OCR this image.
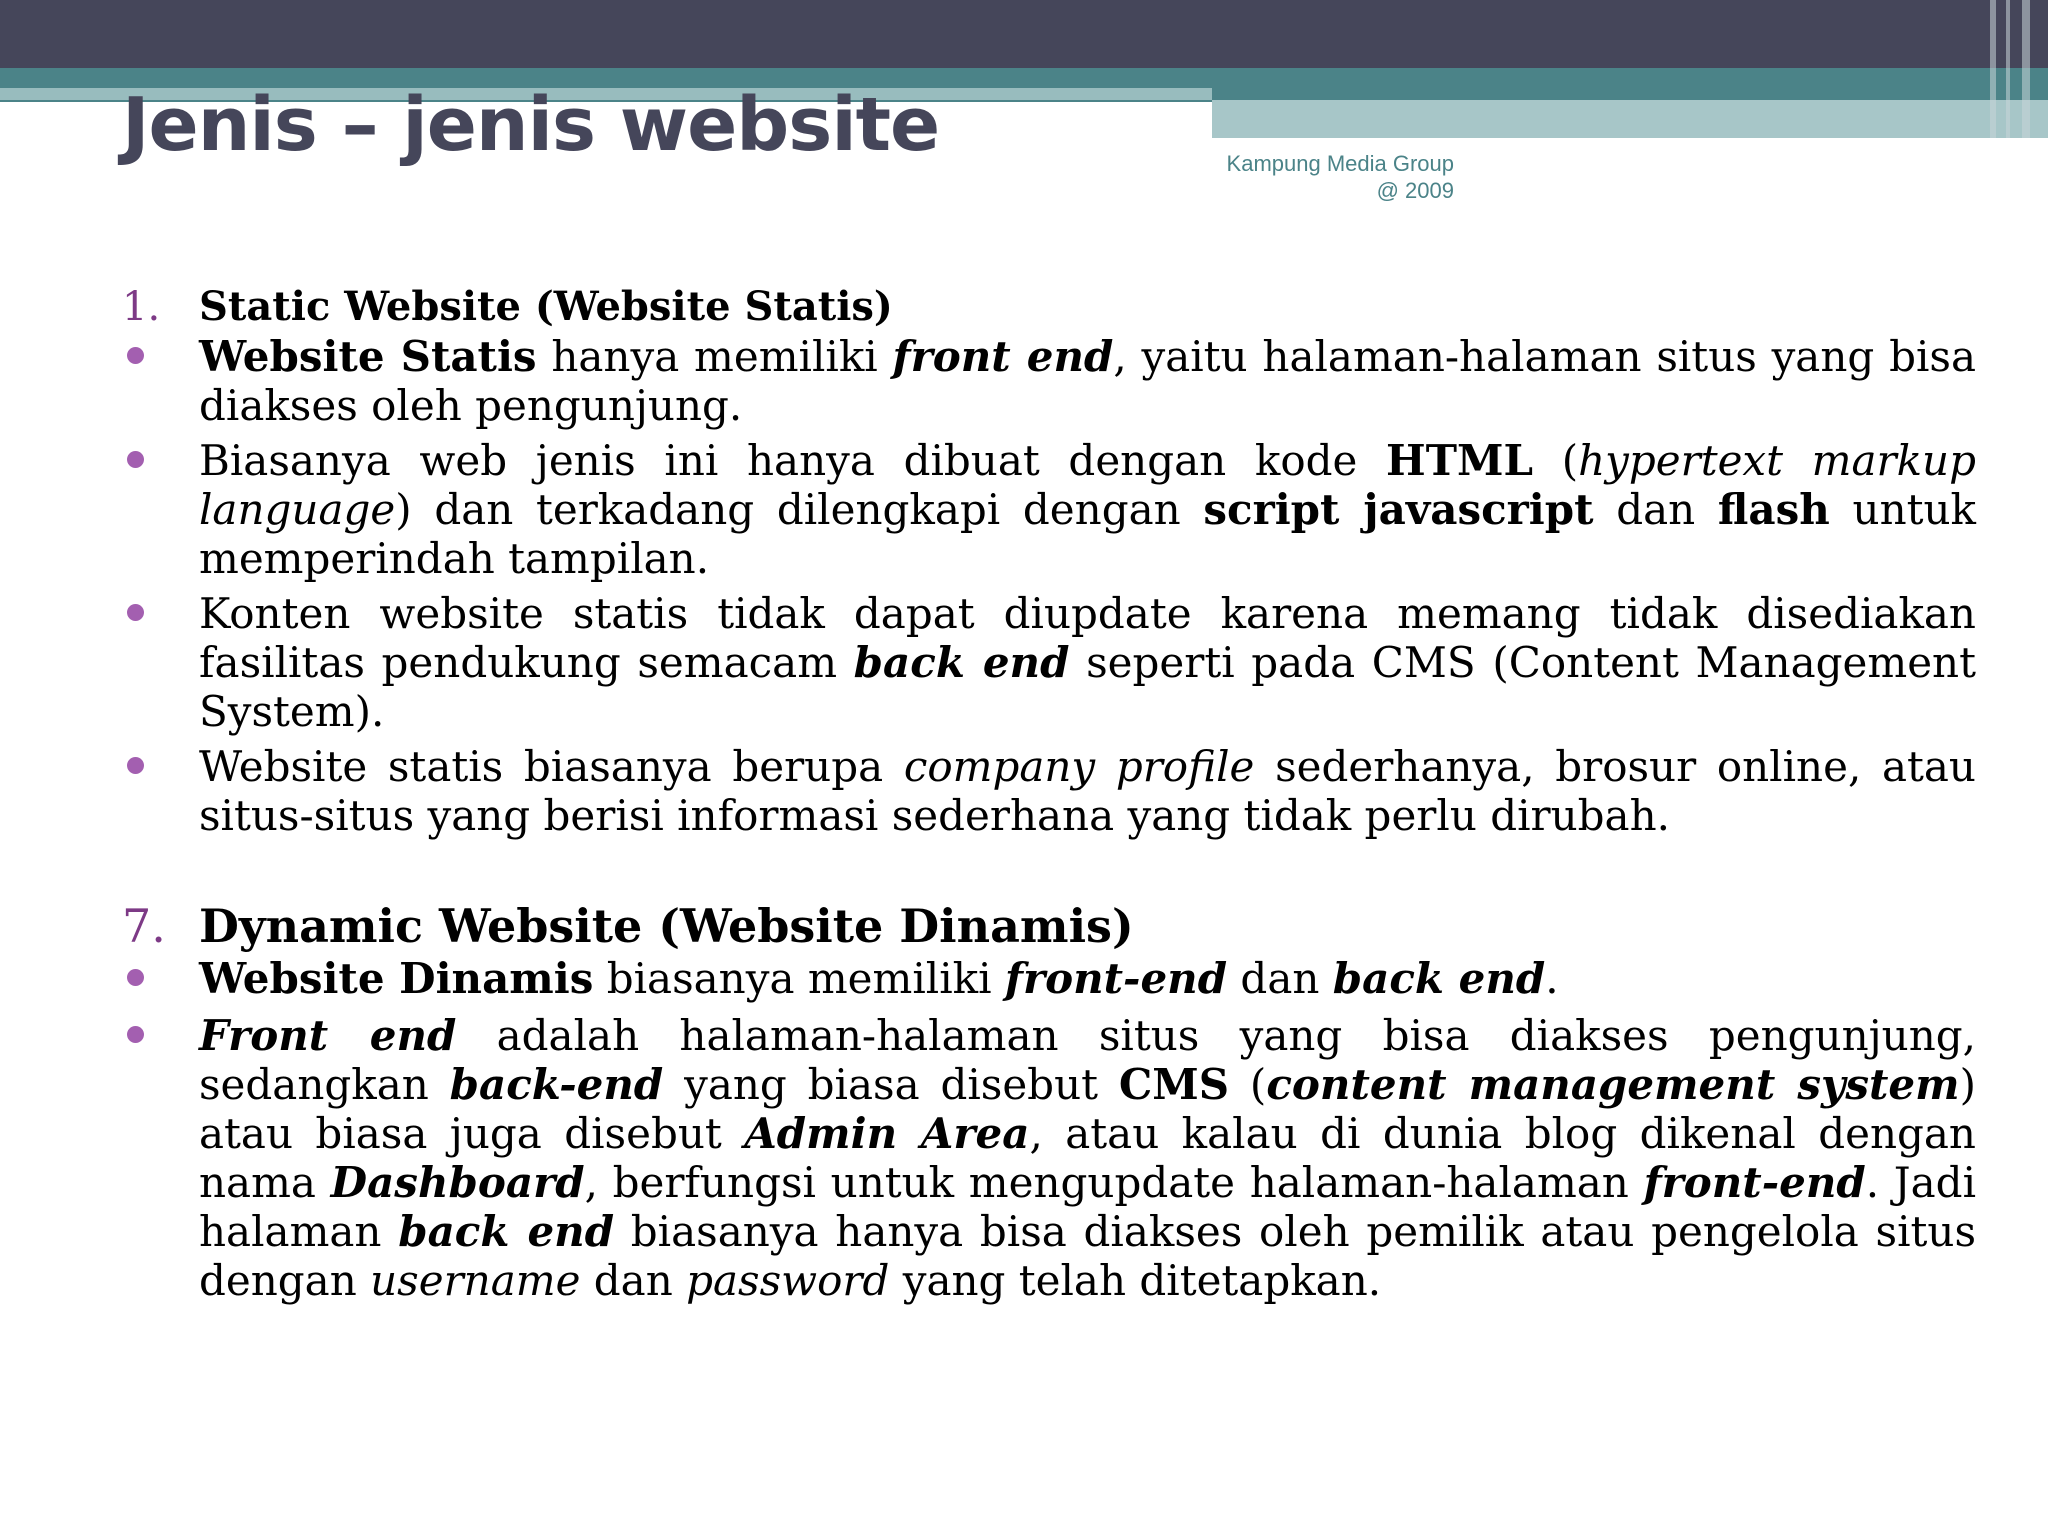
Jenis – jenis website	Kampung Media Group
@ 2009
1. Static Website (Website Statis)
Website Statis hanya memiliki front end, yaitu halaman-halaman situs yang bisa diakses oleh pengunjung.
Biasanya web jenis ini hanya dibuat dengan kode HTML (hypertext markup language) dan terkadang dilengkapi dengan script javascript dan flash untuk memperindah tampilan.
Konten website statis tidak dapat diupdate karena memang tidak disediakan fasilitas pendukung semacam back end seperti pada CMS (Content Management System).
Website statis biasanya berupa company profile sederhanya, brosur online, atau situs-situs yang berisi informasi sederhana yang tidak perlu dirubah.
7. Dynamic Website (Website Dinamis)
Website Dinamis biasanya memiliki front-end dan back end.
Front end adalah halaman-halaman situs yang bisa diakses pengunjung, sedangkan back-end yang biasa disebut CMS (content management system) atau biasa juga disebut Admin Area, atau kalau di dunia blog dikenal dengan nama Dashboard, berfungsi untuk mengupdate halaman-halaman front-end. Jadi halaman back end biasanya hanya bisa diakses oleh pemilik atau pengelola situs dengan username dan password yang telah ditetapkan.
